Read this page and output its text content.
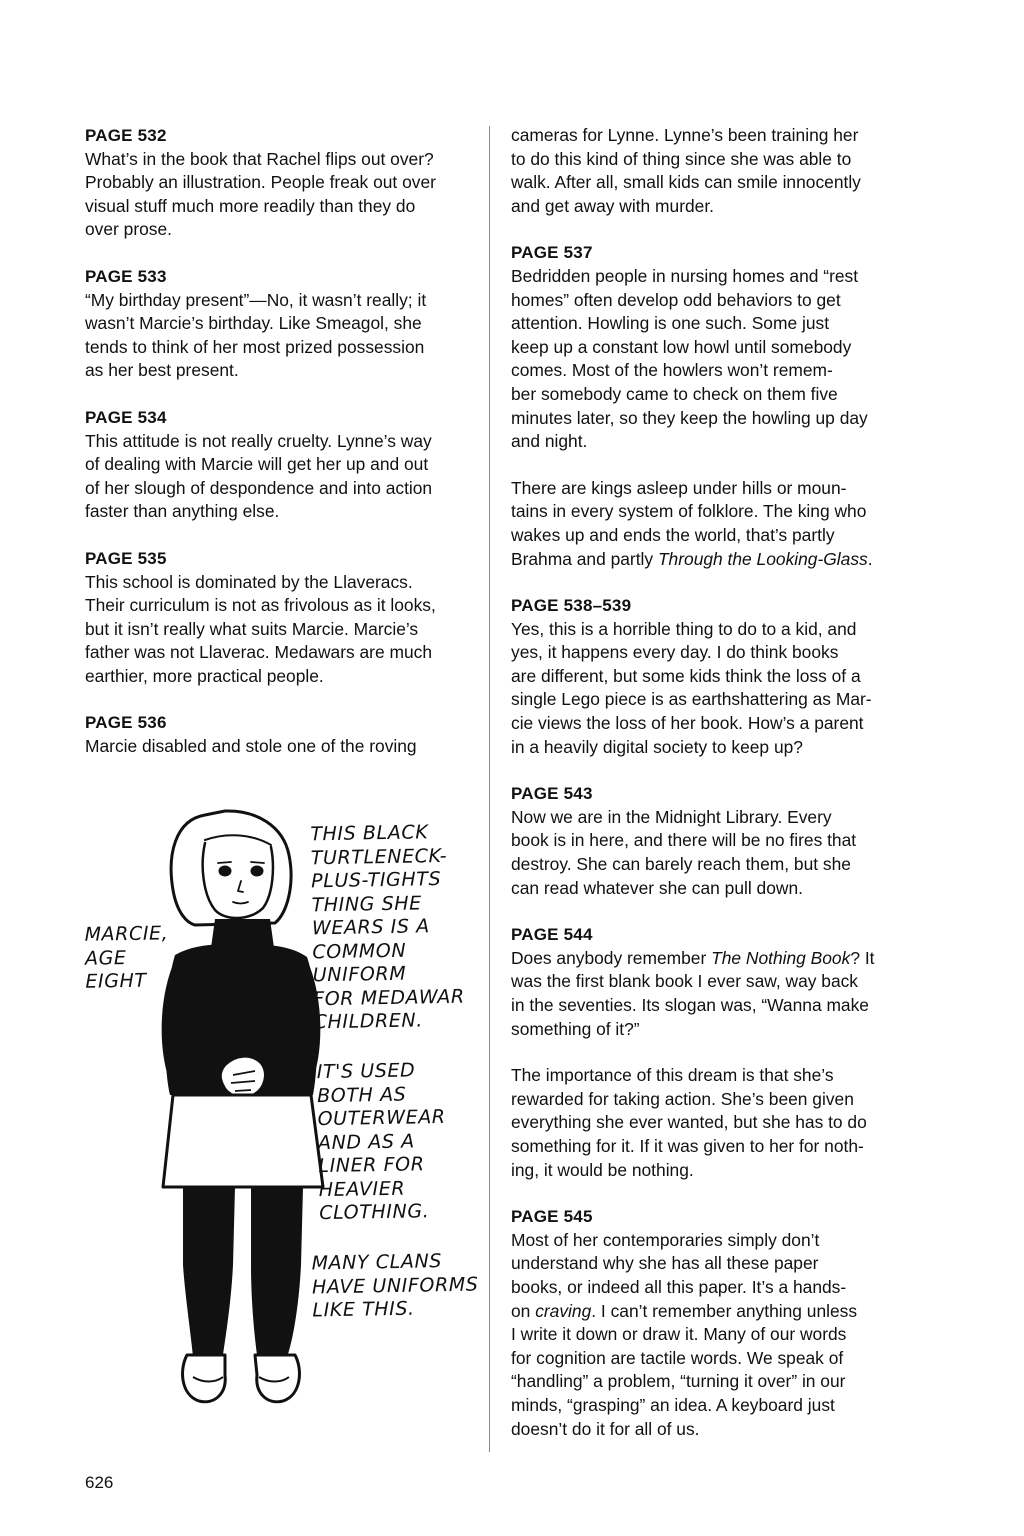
PAGE 532
What’s in the book that Rachel flips out over?
Probably an illustration. People freak out over
visual stuff much more readily than they do
over prose.
PAGE 533
“My birthday present”—No, it wasn’t really; it
wasn’t Marcie’s birthday. Like Smeagol, she
tends to think of her most prized possession
as her best present.
PAGE 534
This attitude is not really cruelty. Lynne’s way
of dealing with Marcie will get her up and out
of her slough of despondence and into action
faster than anything else.
PAGE 535
This school is dominated by the Llaveracs.
Their curriculum is not as frivolous as it looks,
but it isn’t really what suits Marcie. Marcie’s
father was not Llaverac. Medawars are much
earthier, more practical people.
PAGE 536
Marcie disabled and stole one of the roving
cameras for Lynne. Lynne’s been training her
to do this kind of thing since she was able to
walk. After all, small kids can smile innocently
and get away with murder.
PAGE 537
Bedridden people in nursing homes and “rest
homes” often develop odd behaviors to get
attention. Howling is one such. Some just
keep up a constant low howl until somebody
comes. Most of the howlers won’t remem-
ber somebody came to check on them five
minutes later, so they keep the howling up day
and night.
There are kings asleep under hills or moun-
tains in every system of folklore. The king who
wakes up and ends the world, that’s partly
Brahma and partly Through the Looking-Glass.
PAGE 538–539
Yes, this is a horrible thing to do to a kid, and
yes, it happens every day. I do think books
are different, but some kids think the loss of a
single Lego piece is as earthshattering as Mar-
cie views the loss of her book. How’s a parent
in a heavily digital society to keep up?
PAGE 543
Now we are in the Midnight Library. Every
book is in here, and there will be no fires that
destroy. She can barely reach them, but she
can read whatever she can pull down.
PAGE 544
Does anybody remember The Nothing Book? It
was the first blank book I ever saw, way back
in the seventies. Its slogan was, “Wanna make
something of it?”
The importance of this dream is that she’s
rewarded for taking action. She’s been given
everything she ever wanted, but she has to do
something for it. If it was given to her for noth-
ing, it would be nothing.
PAGE 545
Most of her contemporaries simply don’t
understand why she has all these paper
books, or indeed all this paper. It’s a hands-
on craving. I can’t remember anything unless
I write it down or draw it. Many of our words
for cognition are tactile words. We speak of
“handling” a problem, “turning it over” in our
minds, “grasping” an idea. A keyboard just
doesn’t do it for all of us.
MARCIE,
AGE
EIGHT
THIS BLACK
TURTLENECK-
PLUS-TIGHTS
THING SHE
WEARS IS A
COMMON
UNIFORM
FOR MEDAWAR
CHILDREN.
IT'S USED
BOTH AS
OUTERWEAR
AND AS A
LINER FOR
HEAVIER
CLOTHING.
MANY CLANS
HAVE UNIFORMS
LIKE THIS.
626
